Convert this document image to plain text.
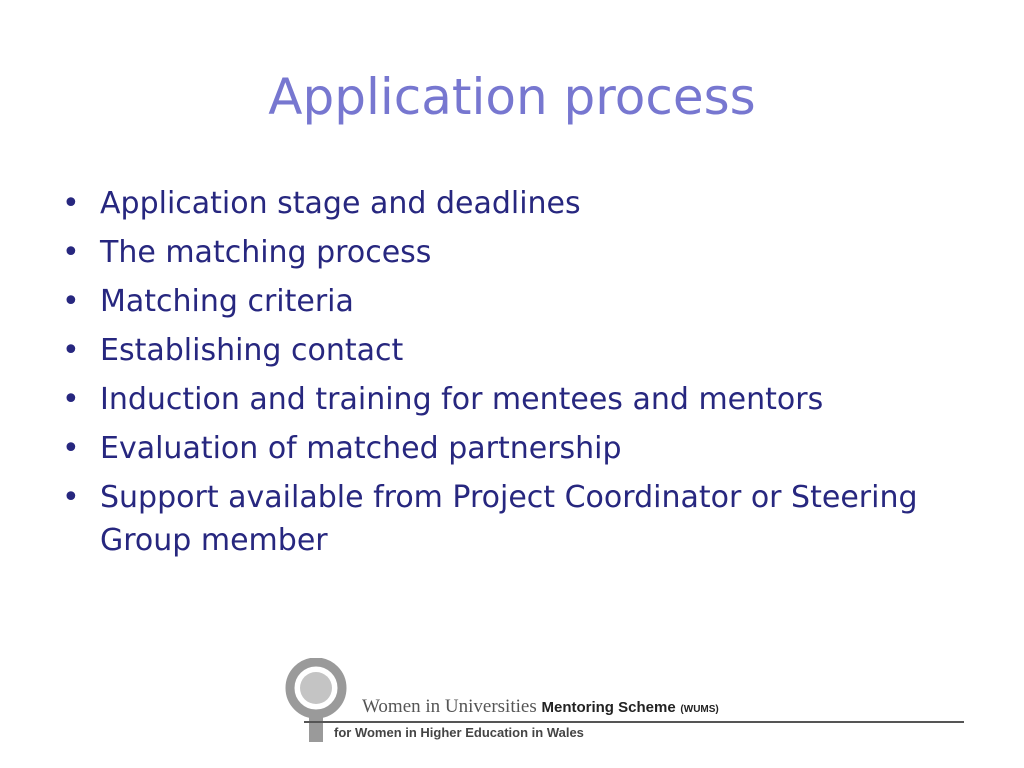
Application process
• Application stage and deadlines
• The matching process
• Matching criteria
• Establishing contact
• Induction and training for mentees and mentors
• Evaluation of matched partnership
• Support available from Project Coordinator or Steering Group member
Women in Universities Mentoring Scheme (WUMS)
for Women in Higher Education in Wales
